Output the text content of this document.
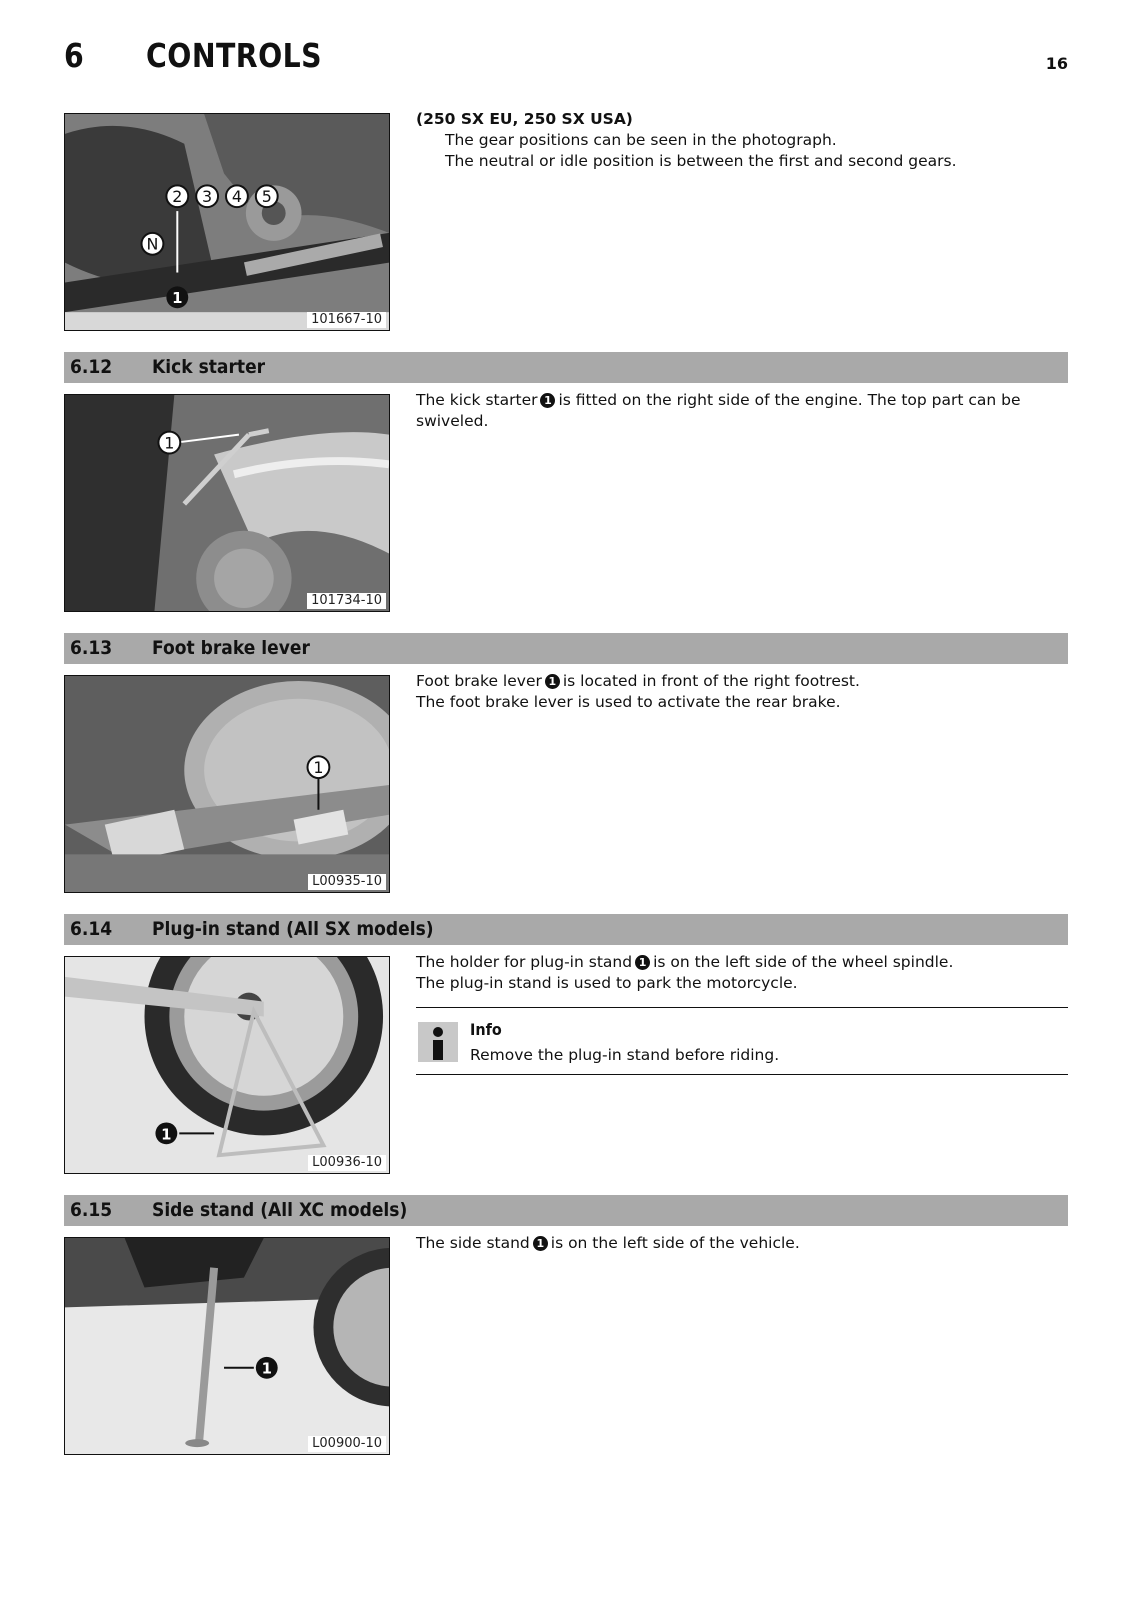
6 CONTROLS	16
2 3 4 5
N
1
101667-10

(250 SX EU, 250 SX USA)

The gear positions can be seen in the photograph.

The neutral or idle position is between the first and second gears.

6.12 Kick starter
1
101734-10

The kick starter 1 is fitted on the right side of the engine. The top part can be swiveled.

6.13 Foot brake lever
1
L00935-10

Foot brake lever 1 is located in front of the right footrest.

The foot brake lever is used to activate the rear brake.

6.14 Plug-in stand (All SX models)
1
L00936-10

The holder for plug-in stand 1 is on the left side of the wheel spindle.

The plug-in stand is used to park the motorcycle.

Info
Remove the plug-in stand before riding.
6.15 Side stand (All XC models)
1
L00900-10

The side stand 1 is on the left side of the vehicle.
